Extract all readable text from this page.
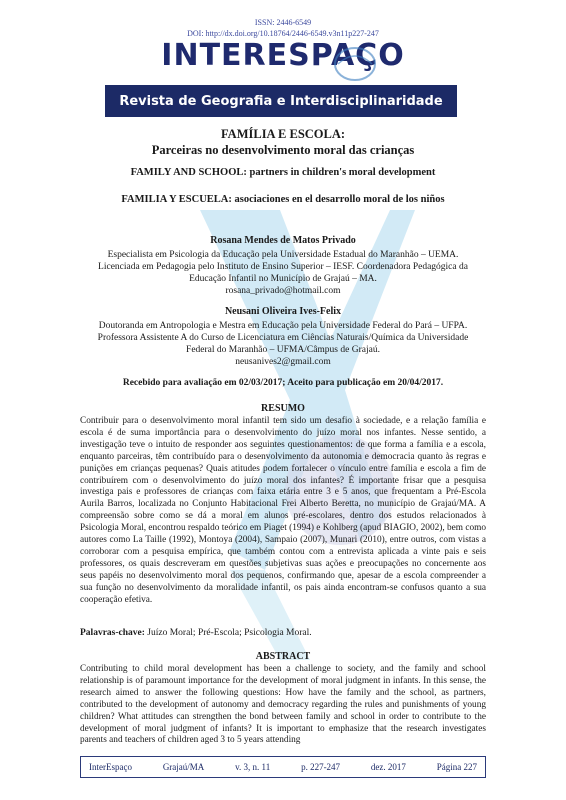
ISSN: 2446-6549
DOI: http://dx.doi.org/10.18764/2446-6549.v3n11p227-247
INTERESPAÇO
Revista de Geografia e Interdisciplinaridade
FAMÍLIA E ESCOLA:
Parceiras no desenvolvimento moral das crianças
FAMILY AND SCHOOL: partners in children's moral development
FAMILIA Y ESCUELA: asociaciones en el desarrollo moral de los niños
Rosana Mendes de Matos Privado
Especialista em Psicologia da Educação pela Universidade Estadual do Maranhão – UEMA.
Licenciada em Pedagogia pelo Instituto de Ensino Superior – IESF. Coordenadora Pedagógica da
Educação Infantil no Município de Grajaú – MA.
rosana_privado@hotmail.com
Neusani Oliveira Ives-Felix
Doutoranda em Antropologia e Mestra em Educação pela Universidade Federal do Pará – UFPA.
Professora Assistente A do Curso de Licenciatura em Ciências Naturais/Química da Universidade
Federal do Maranhão – UFMA/Câmpus de Grajaú.
neusanives2@gmail.com
Recebido para avaliação em 02/03/2017; Aceito para publicação em 20/04/2017.
RESUMO
Contribuir para o desenvolvimento moral infantil tem sido um desafio à sociedade, e a relação família e escola é de suma importância para o desenvolvimento do juízo moral nos infantes. Nesse sentido, a investigação teve o intuito de responder aos seguintes questionamentos: de que forma a família e a escola, enquanto parceiras, têm contribuído para o desenvolvimento da autonomia e democracia quanto às regras e punições em crianças pequenas? Quais atitudes podem fortalecer o vínculo entre família e escola a fim de contribuírem com o desenvolvimento do juízo moral dos infantes? É importante frisar que a pesquisa investiga pais e professores de crianças com faixa etária entre 3 e 5 anos, que frequentam a Pré-Escola Aurila Barros, localizada no Conjunto Habitacional Frei Alberto Beretta, no município de Grajaú/MA. A compreensão sobre como se dá a moral em alunos pré-escolares, dentro dos estudos relacionados à Psicologia Moral, encontrou respaldo teórico em Piaget (1994) e Kohlberg (apud BIAGIO, 2002), bem como autores como La Taille (1992), Montoya (2004), Sampaio (2007), Munari (2010), entre outros, com vistas a corroborar com a pesquisa empírica, que também contou com a entrevista aplicada a vinte pais e seis professores, os quais descreveram em questões subjetivas suas ações e preocupações no concernente aos seus papéis no desenvolvimento moral dos pequenos, confirmando que, apesar de a escola compreender a sua função no desenvolvimento da moralidade infantil, os pais ainda encontram-se confusos quanto a sua cooperação efetiva.
Palavras-chave: Juízo Moral; Pré-Escola; Psicologia Moral.
ABSTRACT
Contributing to child moral development has been a challenge to society, and the family and school relationship is of paramount importance for the development of moral judgment in infants. In this sense, the research aimed to answer the following questions: How have the family and the school, as partners, contributed to the development of autonomy and democracy regarding the rules and punishments of young children? What attitudes can strengthen the bond between family and school in order to contribute to the development of moral judgment of infants? It is important to emphasize that the research investigates parents and teachers of children aged 3 to 5 years attending
InterEspaço	Grajaú/MA	v. 3, n. 11	p. 227-247	dez. 2017	Página 227
